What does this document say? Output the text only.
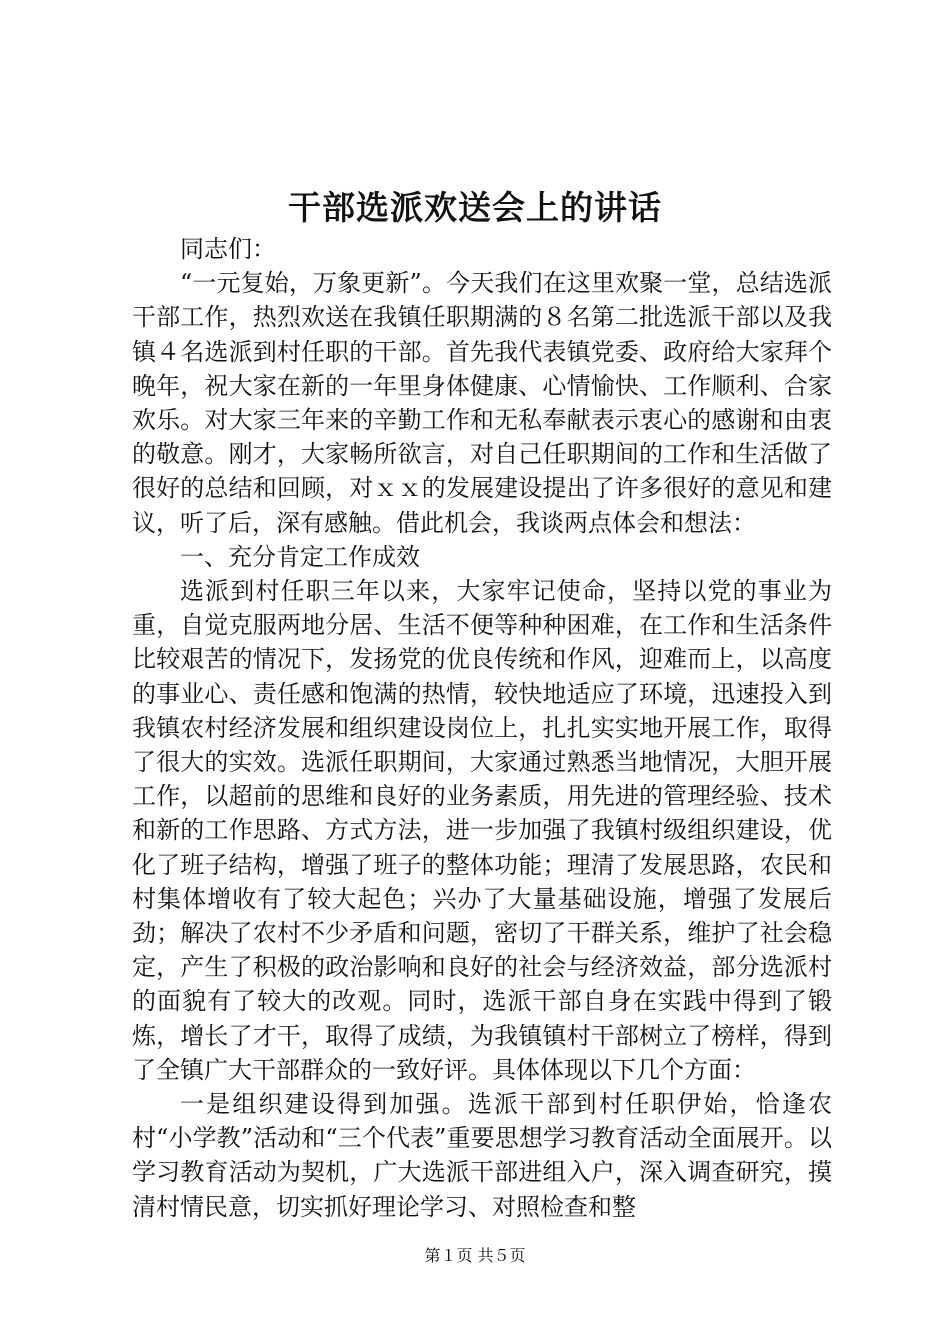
干部选派欢送会上的讲话

同志们：

“一元复始，万象更新”。今天我们在这里欢聚一堂，总结选派干部工作，热烈欢送在我镇任职期满的８名第二批选派干部以及我镇４名选派到村任职的干部。首先我代表镇党委、政府给大家拜个晚年，祝大家在新的一年里身体健康、心情愉快、工作顺利、合家欢乐。对大家三年来的辛勤工作和无私奉献表示衷心的感谢和由衷的敬意。刚才，大家畅所欲言，对自己任职期间的工作和生活做了很好的总结和回顾，对ｘｘ的发展建设提出了许多很好的意见和建议，听了后，深有感触。借此机会，我谈两点体会和想法：

一、充分肯定工作成效

选派到村任职三年以来，大家牢记使命，坚持以党的事业为重，自觉克服两地分居、生活不便等种种困难，在工作和生活条件比较艰苦的情况下，发扬党的优良传统和作风，迎难而上，以高度的事业心、责任感和饱满的热情，较快地适应了环境，迅速投入到我镇农村经济发展和组织建设岗位上，扎扎实实地开展工作，取得了很大的实效。选派任职期间，大家通过熟悉当地情况，大胆开展工作，以超前的思维和良好的业务素质，用先进的管理经验、技术和新的工作思路、方式方法，进一步加强了我镇村级组织建设，优化了班子结构，增强了班子的整体功能；理清了发展思路，农民和村集体增收有了较大起色；兴办了大量基础设施，增强了发展后劲；解决了农村不少矛盾和问题，密切了干群关系，维护了社会稳定，产生了积极的政治影响和良好的社会与经济效益，部分选派村的面貌有了较大的改观。同时，选派干部自身在实践中得到了锻炼，增长了才干，取得了成绩，为我镇镇村干部树立了榜样，得到了全镇广大干部群众的一致好评。具体体现以下几个方面：

一是组织建设得到加强。选派干部到村任职伊始，恰逢农村“小学教”活动和“三个代表”重要思想学习教育活动全面展开。以学习教育活动为契机，广大选派干部进组入户，深入调查研究，摸清村情民意，切实抓好理论学习、对照检查和整

第１页 共５页
